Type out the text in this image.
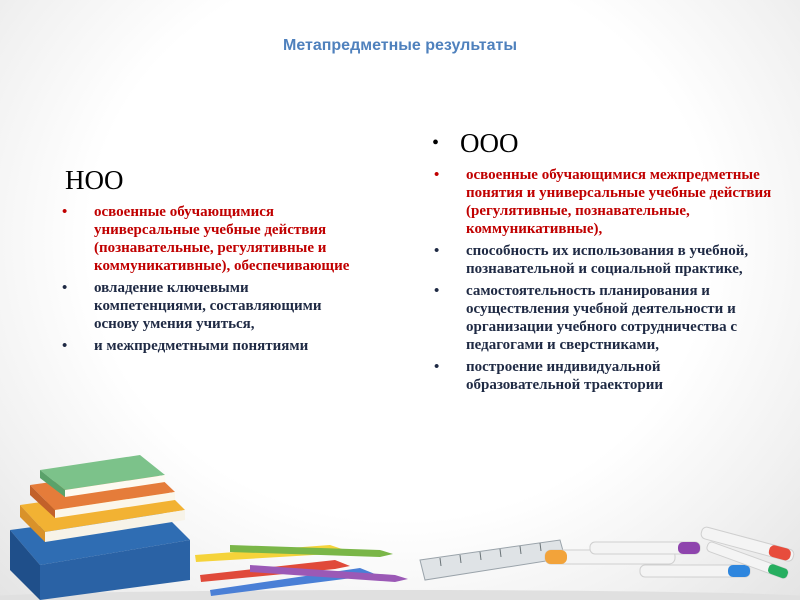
Метапредметные результаты
НОО
• освоенные обучающимися универсальные учебные действия (познавательные, регулятивные и коммуникативные), обеспечивающие
• овладение ключевыми компетенциями, составляющими основу умения учиться,
• и межпредметными понятиями
• ООО
• освоенные обучающимися межпредметные понятия и универсальные учебные действия (регулятивные, познавательные, коммуникативные),
• способность их использования в учебной, познавательной и социальной практике,
• самостоятельность планирования и осуществления учебной деятельности и организации учебного сотрудничества с педагогами и сверстниками,
• построение индивидуальной образовательной траектории
